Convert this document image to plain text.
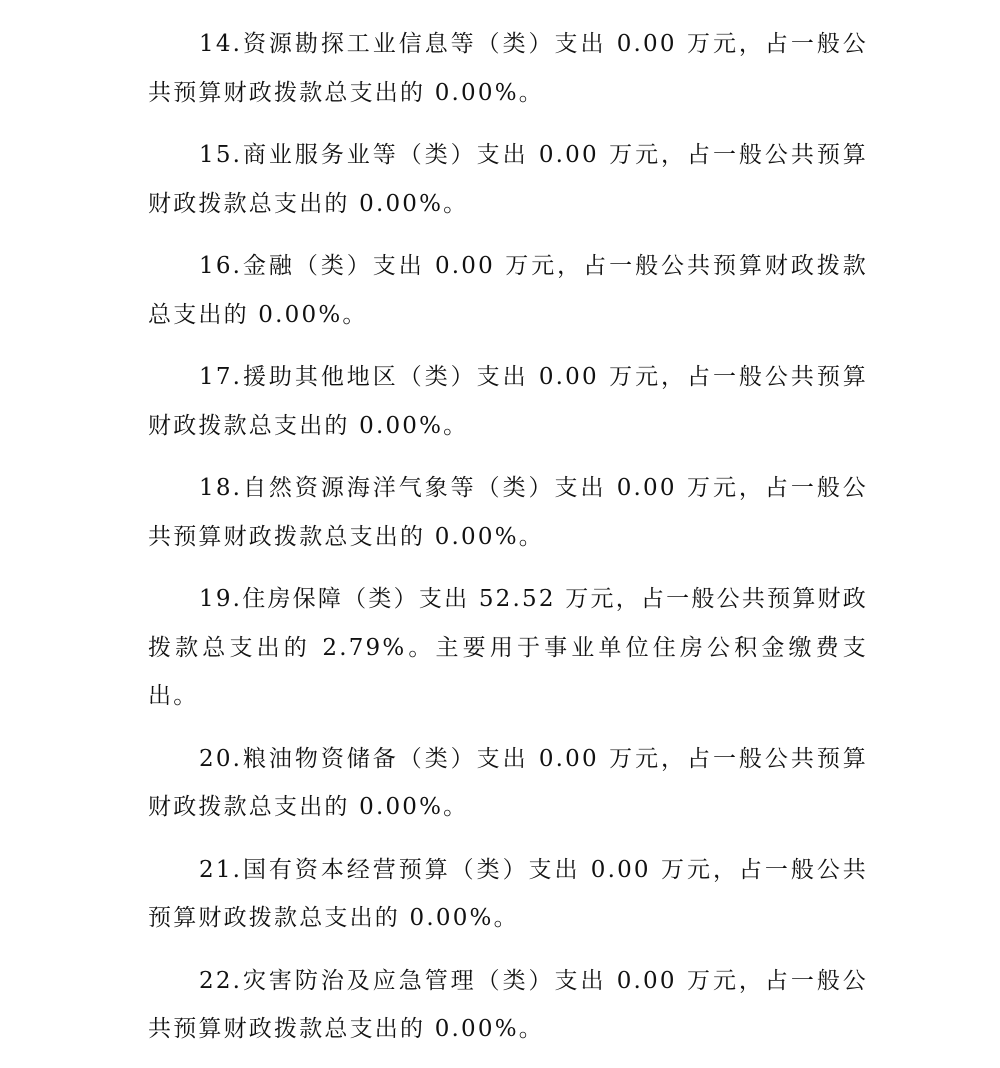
14.资源勘探工业信息等（类）支出 0.00 万元，占一般公共预算财政拨款总支出的 0.00%。

15.商业服务业等（类）支出 0.00 万元，占一般公共预算财政拨款总支出的 0.00%。

16.金融（类）支出 0.00 万元，占一般公共预算财政拨款总支出的 0.00%。

17.援助其他地区（类）支出 0.00 万元，占一般公共预算财政拨款总支出的 0.00%。

18.自然资源海洋气象等（类）支出 0.00 万元，占一般公共预算财政拨款总支出的 0.00%。

19.住房保障（类）支出 52.52 万元，占一般公共预算财政拨款总支出的 2.79%。主要用于事业单位住房公积金缴费支出。

20.粮油物资储备（类）支出 0.00 万元，占一般公共预算财政拨款总支出的 0.00%。

21.国有资本经营预算（类）支出 0.00 万元，占一般公共预算财政拨款总支出的 0.00%。

22.灾害防治及应急管理（类）支出 0.00 万元，占一般公共预算财政拨款总支出的 0.00%。
